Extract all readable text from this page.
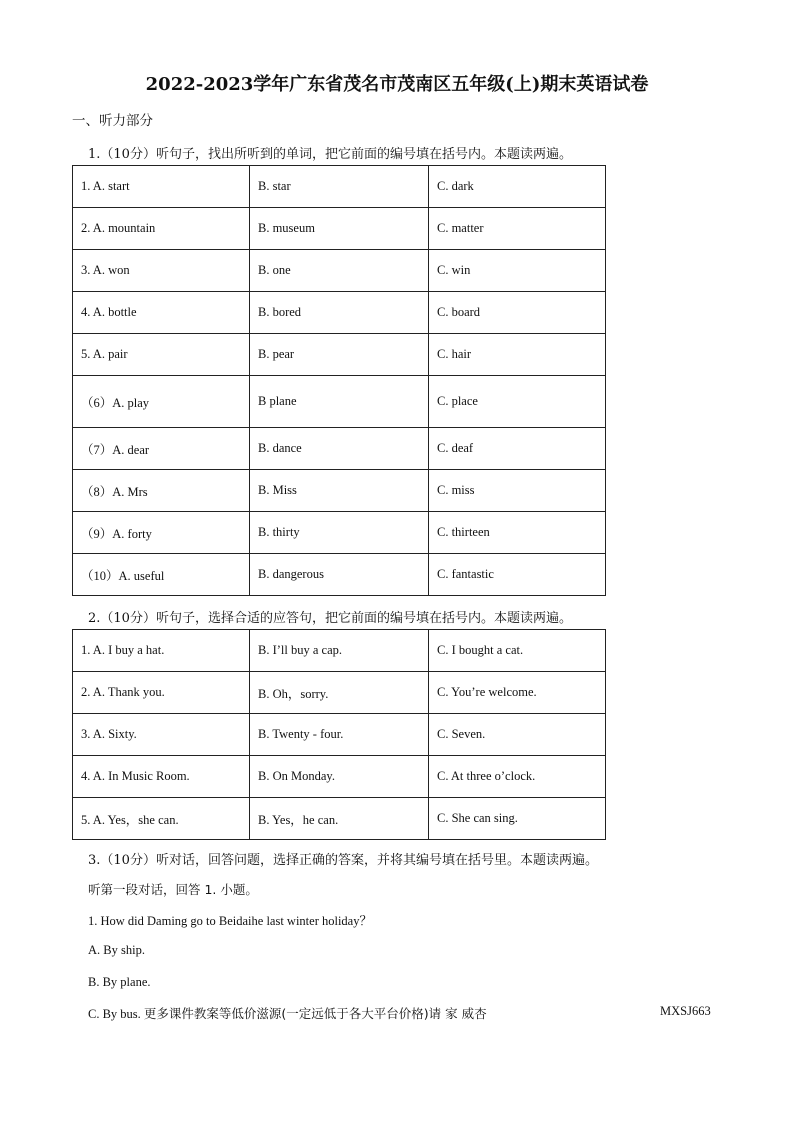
2022-2023学年广东省茂名市茂南区五年级(上)期末英语试卷
一、听力部分
1.（10分）听句子，找出所听到的单词，把它前面的编号填在括号内。本题读两遍。
1. A. start	B. star	C. dark
2. A. mountain	B. museum	C. matter
3. A. won	B. one	C. win
4. A. bottle	B. bored	C. board
5. A. pair	B. pear	C. hair
（6）A. play	B plane	C. place
（7）A. dear	B. dance	C. deaf
（8）A. Mrs	B. Miss	C. miss
（9）A. forty	B. thirty	C. thirteen
（10）A. useful	B. dangerous	C. fantastic
2.（10分）听句子，选择合适的应答句，把它前面的编号填在括号内。本题读两遍。
1. A. I buy a hat.	B. I’ll buy a cap.	C. I bought a cat.
2. A. Thank you.	B. Oh，sorry.	C. You’re welcome.
3. A. Sixty.	B. Twenty - four.	C. Seven.
4. A. In Music Room.	B. On Monday.	C. At three o’clock.
5. A. Yes，she can.	B. Yes，he can.	C. She can sing.
3.（10分）听对话，回答问题，选择正确的答案，并将其编号填在括号里。本题读两遍。
听第一段对话，回答 1. 小题。
1. How did Daming go to Beidaihe last winter holiday？
A. By ship.
B. By plane.
C. By bus. 更多课件教案等低价滋源(一定远低于各大平台价格)请 家 威杏	MXSJ663
